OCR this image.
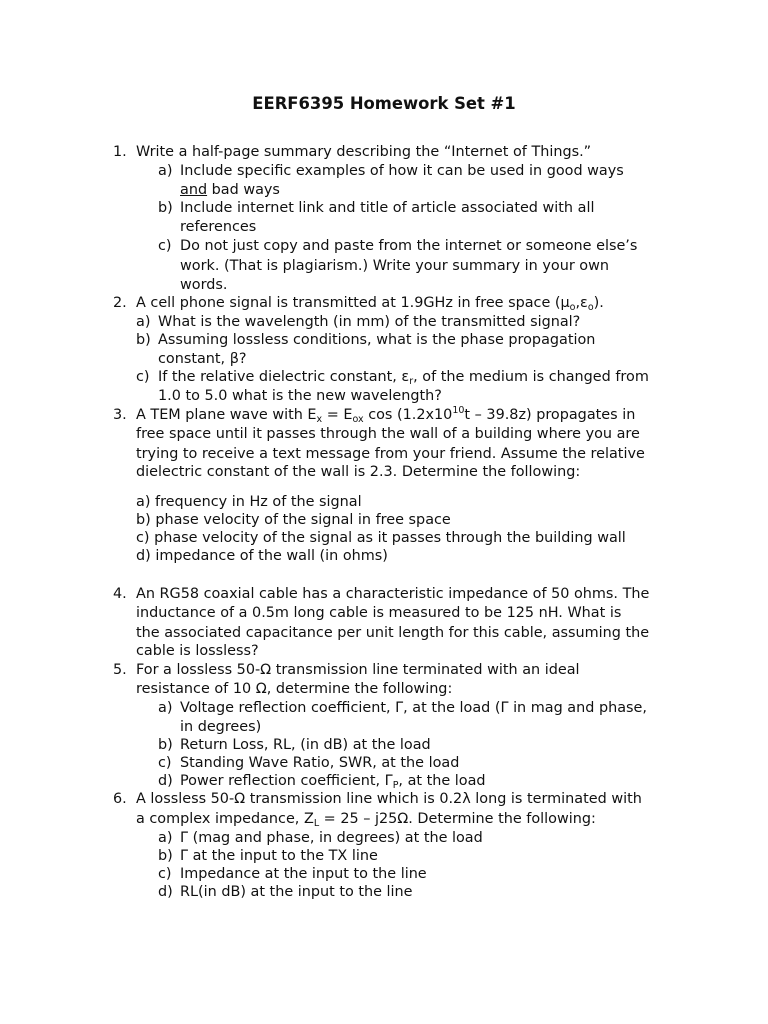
EERF6395 Homework Set #1
1. Write a half-page summary describing the “Internet of Things.”
a) Include specific examples of how it can be used in good ways
and bad ways
b) Include internet link and title of article associated with all
references
c) Do not just copy and paste from the internet or someone else’s
work. (That is plagiarism.) Write your summary in your own
words.
2. A cell phone signal is transmitted at 1.9GHz in free space $(\mu_o,\varepsilon_o)$.
a) What is the wavelength (in mm) of the transmitted signal?
b) Assuming lossless conditions, what is the phase propagation
constant, β?
c) If the relative dielectric constant, $\varepsilon_r$, of the medium is changed from
1.0 to 5.0 what is the new wavelength?
3. A TEM plane wave with $E_x = E_{ox}$ $\cos (1.2x10^{10}t - 39.8z)$ propagates in
free space until it passes through the wall of a building where you are
trying to receive a text message from your friend. Assume the relative
dielectric constant of the wall is 2.3. Determine the following:
a) frequency in Hz of the signal
b) phase velocity of the signal in free space
c) phase velocity of the signal as it passes through the building wall
d) impedance of the wall (in ohms)
4. An RG58 coaxial cable has a characteristic impedance of 50 ohms. The
inductance of a 0.5m long cable is measured to be 125 nH. What is
the associated capacitance per unit length for this cable, assuming the
cable is lossless?
5. For a lossless 50-Ω transmission line terminated with an ideal
resistance of 10 Ω, determine the following:
a) Voltage reflection coefficient, Γ, at the load (Γ in mag and phase,
in degrees)
b) Return Loss, RL, (in dB) at the load
c) Standing Wave Ratio, SWR, at the load
d) Power reflection coefficient, $\Gamma_P$, at the load
6. A lossless 50-Ω transmission line which is 0.2λ long is terminated with
a complex impedance, $Z_L = 25 - j25\Omega$. Determine the following:
a) Γ (mag and phase, in degrees) at the load
b) Γ at the input to the TX line
c) Impedance at the input to the line
d) RL(in dB) at the input to the line
